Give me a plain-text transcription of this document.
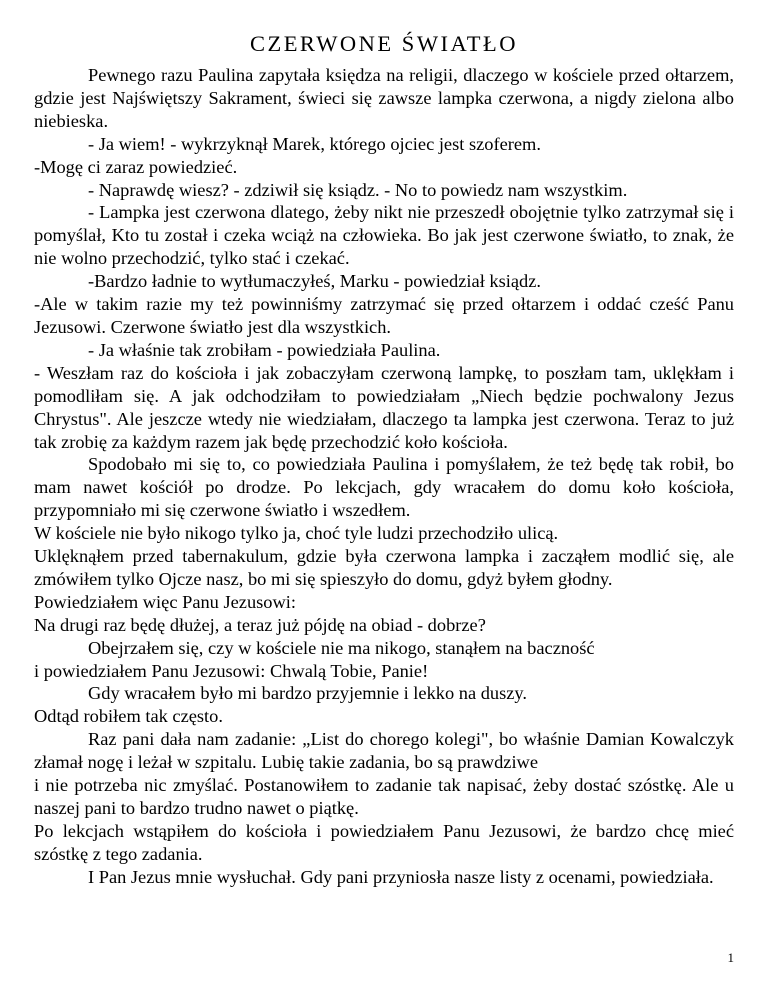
CZERWONE ŚWIATŁO

Pewnego razu Paulina zapytała księdza na religii, dlaczego w kościele przed ołtarzem, gdzie jest Najświętszy Sakrament, świeci się zawsze lampka czerwona, a nigdy zielona albo niebieska.

- Ja wiem! - wykrzyknął Marek, którego ojciec jest szoferem.

-Mogę ci zaraz powiedzieć.

- Naprawdę wiesz? - zdziwił się ksiądz. - No to powiedz nam wszystkim.

- Lampka jest czerwona dlatego, żeby nikt nie przeszedł obojętnie tylko zatrzymał się i pomyślał, Kto tu został i czeka wciąż na człowieka. Bo jak jest czerwone światło, to znak, że nie wolno przechodzić, tylko stać i czekać.

-Bardzo ładnie to wytłumaczyłeś, Marku - powiedział ksiądz.

-Ale w takim razie my też powinniśmy zatrzymać się przed ołtarzem i oddać cześć Panu Jezusowi. Czerwone światło jest dla wszystkich.

- Ja właśnie tak zrobiłam - powiedziała Paulina.

- Weszłam raz do kościoła i jak zobaczyłam czerwoną lampkę, to poszłam tam, uklękłam i pomodliłam się. A jak odchodziłam to powiedziałam „Niech będzie pochwalony Jezus Chrystus". Ale jeszcze wtedy nie wiedziałam, dlaczego ta lampka jest czerwona. Teraz to już tak zrobię za każdym razem jak będę przechodzić koło kościoła.

Spodobało mi się to, co powiedziała Paulina i pomyślałem, że też będę tak robił, bo mam nawet kościół po drodze. Po lekcjach, gdy wracałem do domu koło kościoła, przypomniało mi się czerwone światło i wszedłem.

W kościele nie było nikogo tylko ja, choć tyle ludzi przechodziło ulicą.

Uklęknąłem przed tabernakulum, gdzie była czerwona lampka i zacząłem modlić się, ale zmówiłem tylko Ojcze nasz, bo mi się spieszyło do domu, gdyż byłem głodny.

Powiedziałem więc Panu Jezusowi:

Na drugi raz będę dłużej, a teraz już pójdę na obiad - dobrze?

Obejrzałem się, czy w kościele nie ma nikogo, stanąłem na baczność

i powiedziałem Panu Jezusowi: Chwalą Tobie, Panie!

Gdy wracałem było mi bardzo przyjemnie i lekko na duszy.

Odtąd robiłem tak często.

Raz pani dała nam zadanie: „List do chorego kolegi", bo właśnie Damian Kowalczyk złamał nogę i leżał w szpitalu. Lubię takie zadania, bo są prawdziwe

i nie potrzeba nic zmyślać. Postanowiłem to zadanie tak napisać, żeby dostać szóstkę. Ale u naszej pani to bardzo trudno nawet o piątkę.

Po lekcjach wstąpiłem do kościoła i powiedziałem Panu Jezusowi, że bardzo chcę mieć szóstkę z tego zadania.

I Pan Jezus mnie wysłuchał. Gdy pani przyniosła nasze listy z ocenami, powiedziała.

1
